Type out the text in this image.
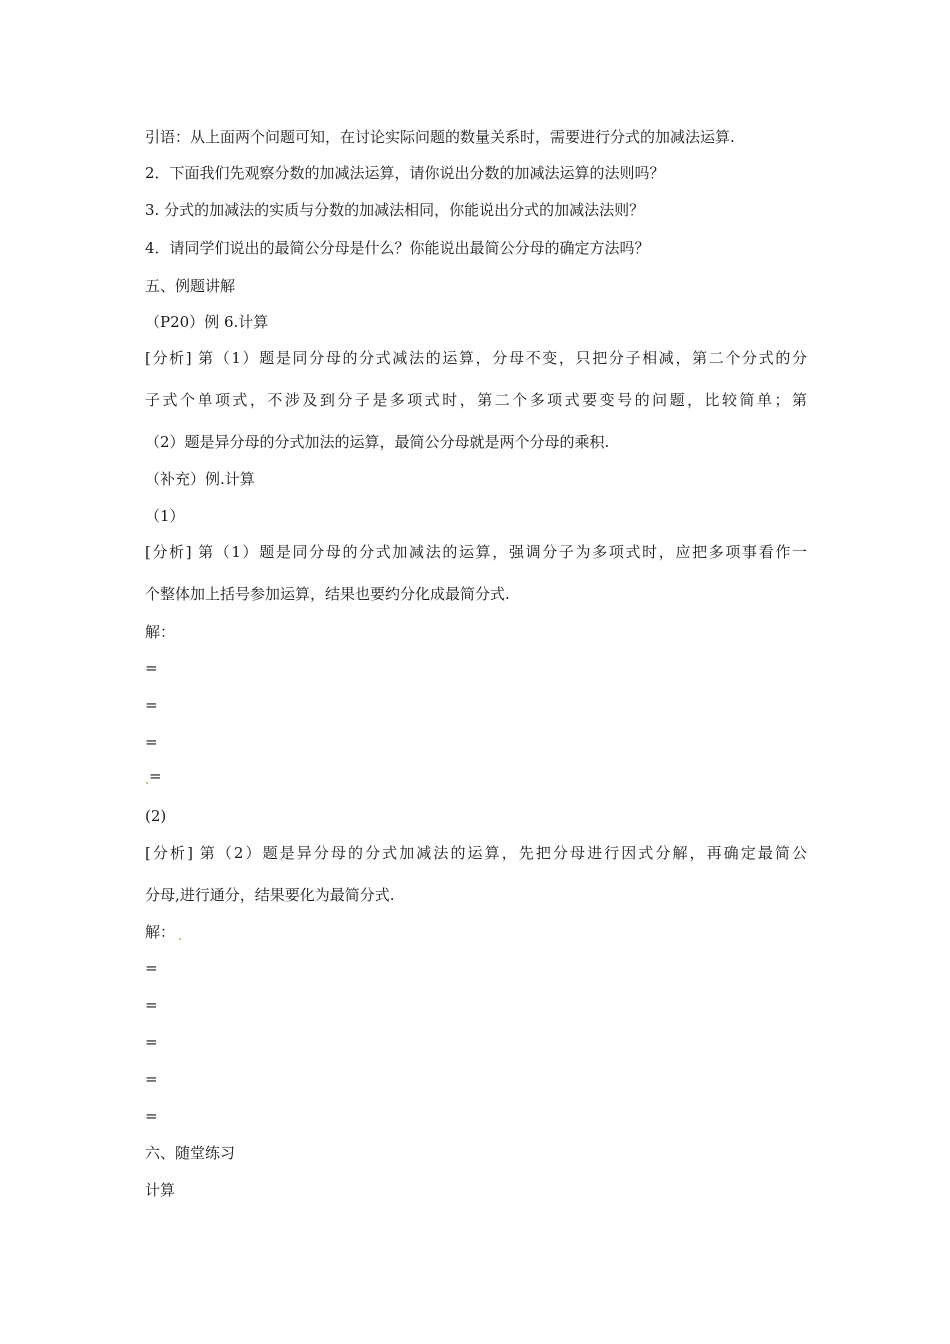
引语：从上面两个问题可知，在讨论实际问题的数量关系时，需要进行分式的加减法运算.
2．下面我们先观察分数的加减法运算，请你说出分数的加减法运算的法则吗？
3. 分式的加减法的实质与分数的加减法相同，你能说出分式的加减法法则？
4．请同学们说出的最简公分母是什么？你能说出最简公分母的确定方法吗？
五、例题讲解
（P20）例 6.计算
[分析] 第（1）题是同分母的分式减法的运算，分母不变，只把分子相减，第二个分式的分
子式个单项式，不涉及到分子是多项式时，第二个多项式要变号的问题，比较简单；第
（2）题是异分母的分式加法的运算，最简公分母就是两个分母的乘积.
（补充）例.计算
（1）
[分析] 第（1）题是同分母的分式加减法的运算，强调分子为多项式时，应把多项事看作一
个整体加上括号参加运算，结果也要约分化成最简分式.
解：
=
=
=
=
(2)
[分析] 第（2）题是异分母的分式加减法的运算，先把分母进行因式分解，再确定最简公
分母,进行通分，结果要化为最简分式.
解：
=
=
=
=
=
六、随堂练习
计算
